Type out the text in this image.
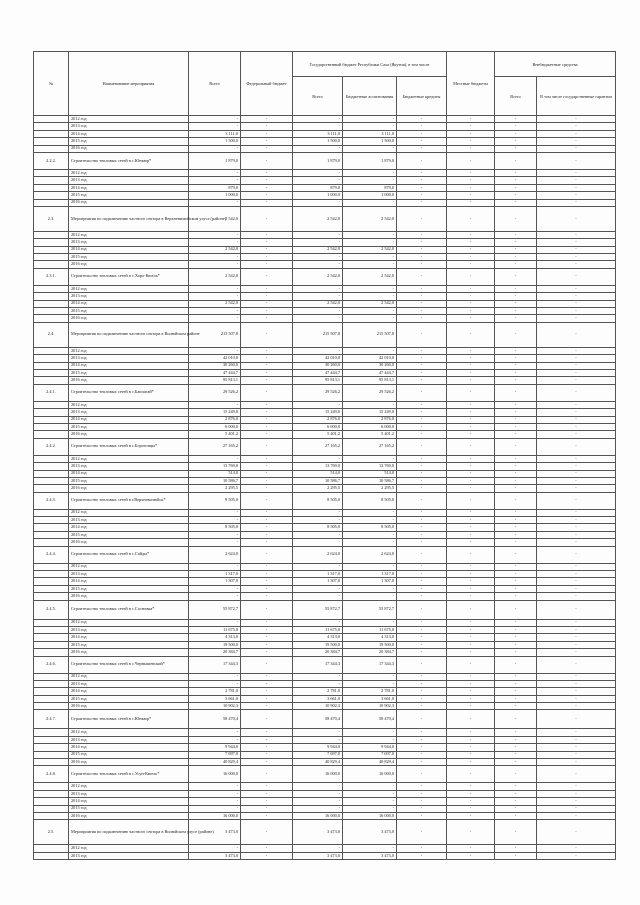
№	Наименование мероприятия	Всего	Федеральный бюджет	Государственный бюджет Республики Саха (Якутия), в том числе			Местные бюджеты	Внебюджетные средства	
				Всего	Бюджетные ассигнования	Бюджетные кредиты		Всего	В том числе государственные гарантии
	2012 год	-	-	-	-	-	-	-	-
	2013 год	-	-	-	-	-	-	-	-
	2014 год	3 111,0	-	3 111,0	3 111,0	-	-	-	-
	2015 год	1 500,0	-	1 500,0	1 500,0	-	-	-	-
	2016 год	-	-	-	-	-	-	-	-
2.2.2.	Строительство тепловых сетей в с.Юнкюр*	1 879,0	-	1 879,0	1 879,0	-	-	-	-
	2012 год	-	-	-	-	-	-	-	-
	2013 год	-	-	-	-	-	-	-	-
	2014 год	879,0	-	879,0	879,0	-	-	-	-
	2015 год	1 000,0	-	1 000,0	1 000,0	-	-	-	-
	2016 год	-	-	-	-	-	-	-	-
2.3.	Мероприятия по подключению частного сектора в Верхневилюйском улусе (районе)	2 542,0	-	2 542,0	2 542,0	-	-	-	-
	2012 год	-	-	-	-	-	-	-	-
	2013 год	-	-	-	-	-	-	-	-
	2014 год	2 542,0	-	2 542,0	2 542,0	-	-	-	-
	2015 год	-	-	-	-	-	-	-	-
	2016 год	-	-	-	-	-	-	-	-
2.3.1.	Строительство тепловых сетей в с.Хоро-Кюель*	2 542,0	-	2 542,0	2 542,0	-	-	-	-
	2012 год	-	-	-	-	-	-	-	-
	2013 год	-	-	-	-	-	-	-	-
	2014 год	2 542,0	-	2 542,0	2 542,0	-	-	-	-
	2015 год	-	-	-	-	-	-	-	-
	2016 год	-	-	-	-	-	-	-	-
2.4.	Мероприятия по подключению частного сектора в Вилюйском районе	215 507,8	-	215 507,8	215 507,8	-	-	-	-
	2012 год	-	-	-	-	-	-	-	-
	2013 год	42 010,0	-	42 010,0	42 010,0	-	-	-	-
	2014 год	30 260,0	-	30 260,0	30 260,0	-	-	-	-
	2015 год	47 444,7	-	47 444,7	47 444,7	-	-	-	-
	2016 год	95 813,1	-	95 813,1	95 813,1	-	-	-	-
2.4.1.	Строительство тепловых сетей в с.Баппагай*	29 526,2	-	29 526,2	29 526,2	-	-	-	-
	2012 год	-	-	-	-	-	-	-	-
	2013 год	15 249,0	-	15 249,0	15 249,0	-	-	-	-
	2014 год	2 876,0	-	2 876,0	2 876,0	-	-	-	-
	2015 год	6 000,0	-	6 000,0	6 000,0	-	-	-	-
	2016 год	5 401,2	-	5 401,2	5 401,2	-	-	-	-
2.4.2.	Строительство тепловых сетей в с.Борогонцы*	27 165,2	-	27 165,2	27 165,2	-	-	-	-
	2012 год	-	-	-	-	-	-	-	-
	2013 год	13 769,0	-	13 769,0	13 769,0	-	-	-	-
	2014 год	514,0	-	514,0	514,0	-	-	-	-
	2015 год	10 586,7	-	10 586,7	10 586,7	-	-	-	-
	2016 год	2 295,5	-	2 295,5	2 295,5	-	-	-	-
2.4.3.	Строительство тепловых сетей в г.Верхневилюйск*	8 505,0	-	8 505,0	8 505,0	-	-	-	-
	2012 год	-	-	-	-	-	-	-	-
	2013 год	-	-	-	-	-	-	-	-
	2014 год	8 505,0	-	8 505,0	8 505,0	-	-	-	-
	2015 год	-	-	-	-	-	-	-	-
	2016 год	-	-	-	-	-	-	-	-
2.4.4.	Строительство тепловых сетей в с.Сайды*	2 624,0	-	2 624,0	2 624,0	-	-	-	-
	2012 год	-	-	-	-	-	-	-	-
	2013 год	1 317,0	-	1 317,0	1 317,0	-	-	-	-
	2014 год	1 307,0	-	1 307,0	1 307,0	-	-	-	-
	2015 год	-	-	-	-	-	-	-	-
	2016 год	-	-	-	-	-	-	-	-
2.4.5.	Строительство тепловых сетей в с.Сосновка*	55 872,7	-	55 872,7	55 872,7	-	-	-	-
	2012 год	-	-	-	-	-	-	-	-
	2013 год	11 675,0	-	11 675,0	11 675,0	-	-	-	-
	2014 год	4 313,0	-	4 313,0	4 313,0	-	-	-	-
	2015 год	19 500,0	-	19 500,0	19 500,0	-	-	-	-
	2016 год	20 384,7	-	20 384,7	20 384,7	-	-	-	-
2.4.6.	Строительство тепловых сетей в с.Чернышевский*	17 344,3	-	17 344,3	17 344,3	-	-	-	-
	2012 год	-	-	-	-	-	-	-	-
	2013 год	-	-	-	-	-	-	-	-
	2014 год	2 781,0	-	2 781,0	2 781,0	-	-	-	-
	2015 год	3 661,0	-	3 661,0	3 661,0	-	-	-	-
	2016 год	10 902,3	-	10 902,3	10 902,3	-	-	-	-
2.4.7.	Строительство тепловых сетей в с.Юнкюр*	58 470,4	-	58 470,4	58 470,4	-	-	-	-
	2012 год	-	-	-	-	-	-	-	-
	2013 год	-	-	-	-	-	-	-	-
	2014 год	9 944,0	-	9 944,0	9 944,0	-	-	-	-
	2015 год	7 697,0	-	7 697,0	7 697,0	-	-	-	-
	2016 год	40 829,4	-	40 829,4	40 829,4	-	-	-	-
2.4.8.	Строительство тепловых сетей в с.Усун-Кюель*	16 000,0	-	16 000,0	16 000,0	-	-	-	-
	2012 год	-	-	-	-	-	-	-	-
	2013 год	-	-	-	-	-	-	-	-
	2014 год	-	-	-	-	-	-	-	-
	2015 год	-	-	-	-	-	-	-	-
	2016 год	16 000,0	-	16 000,0	16 000,0	-	-	-	-
2.5.	Мероприятия по подключению частного сектора в Вилюйском улусе (районе)	3 473,0	-	3 473,0	3 473,0	-	-	-	-
	2012 год	-	-	-	-	-	-	-	-
	2013 год	3 473,0	-	3 473,0	3 473,0	-	-	-	-
